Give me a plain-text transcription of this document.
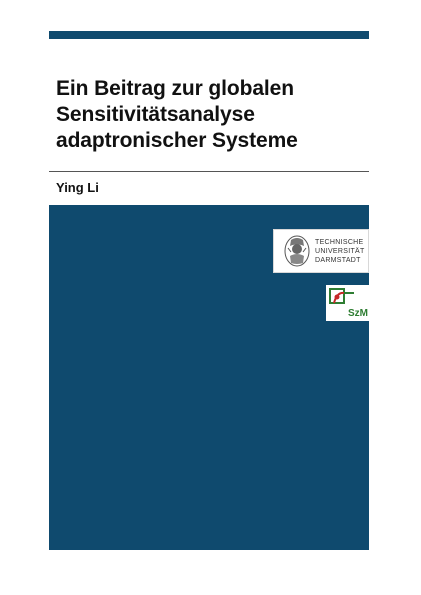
Ein Beitrag zur globalen
Sensitivitätsanalyse
adaptronischer Systeme
Ying Li
TECHNISCHE
UNIVERSITÄT
DARMSTADT
SzM
